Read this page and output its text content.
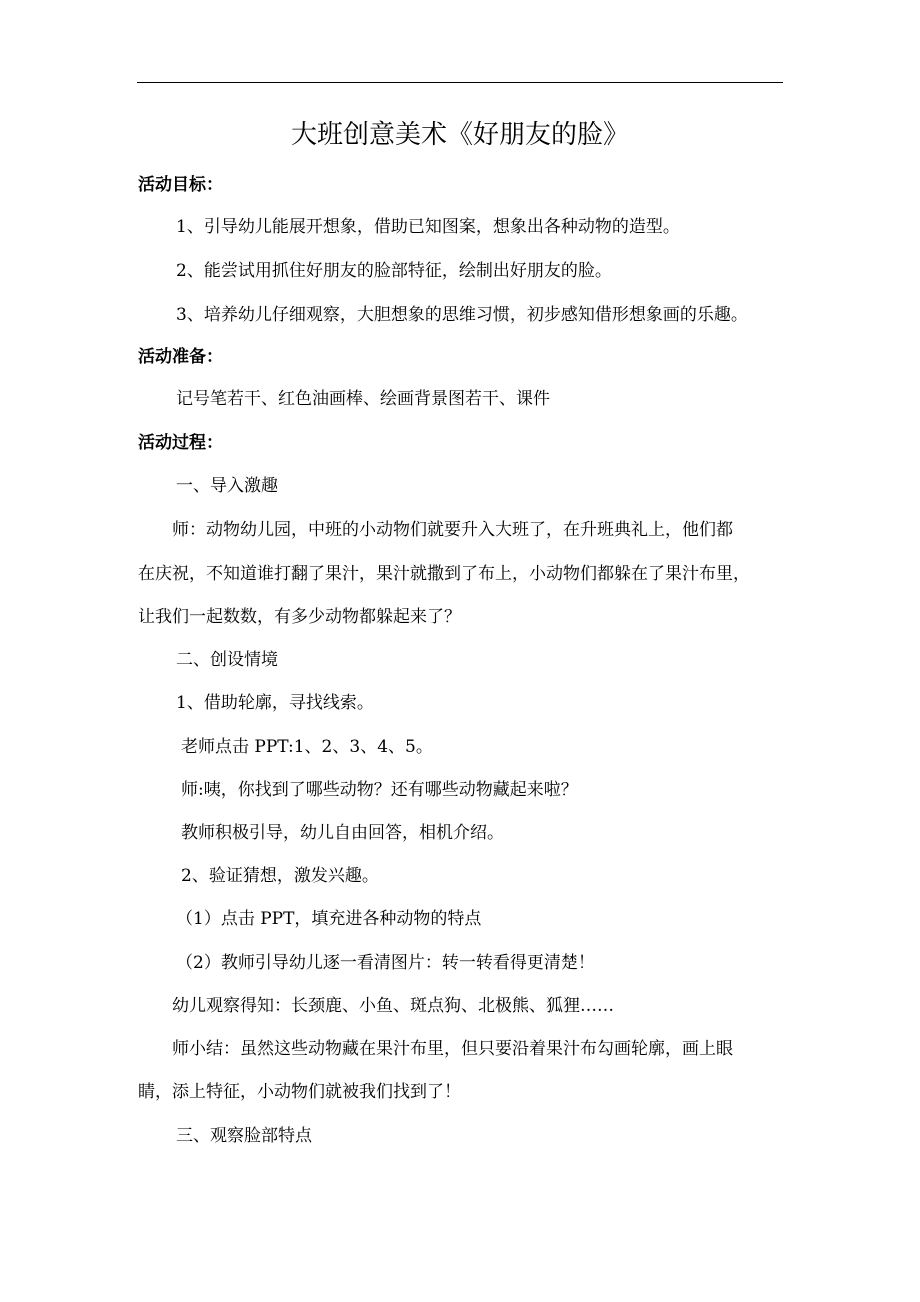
大班创意美术《好朋友的脸》
活动目标：
1、引导幼儿能展开想象，借助已知图案，想象出各种动物的造型。
2、能尝试用抓住好朋友的脸部特征，绘制出好朋友的脸。
3、培养幼儿仔细观察，大胆想象的思维习惯，初步感知借形想象画的乐趣。
活动准备：
记号笔若干、红色油画棒、绘画背景图若干、课件
活动过程：
一、导入激趣
师：动物幼儿园，中班的小动物们就要升入大班了，在升班典礼上，他们都
在庆祝，不知道谁打翻了果汁，果汁就撒到了布上，小动物们都躲在了果汁布里，
让我们一起数数，有多少动物都躲起来了？
二、创设情境
1、借助轮廓，寻找线索。
老师点击 PPT:1、2、3、4、5。
师:咦，你找到了哪些动物？还有哪些动物藏起来啦？
教师积极引导，幼儿自由回答，相机介绍。
2、验证猜想，激发兴趣。
（1）点击 PPT，填充进各种动物的特点
（2）教师引导幼儿逐一看清图片：转一转看得更清楚！
幼儿观察得知：长颈鹿、小鱼、斑点狗、北极熊、狐狸……
师小结：虽然这些动物藏在果汁布里，但只要沿着果汁布勾画轮廓，画上眼
睛，添上特征，小动物们就被我们找到了！
三、观察脸部特点
